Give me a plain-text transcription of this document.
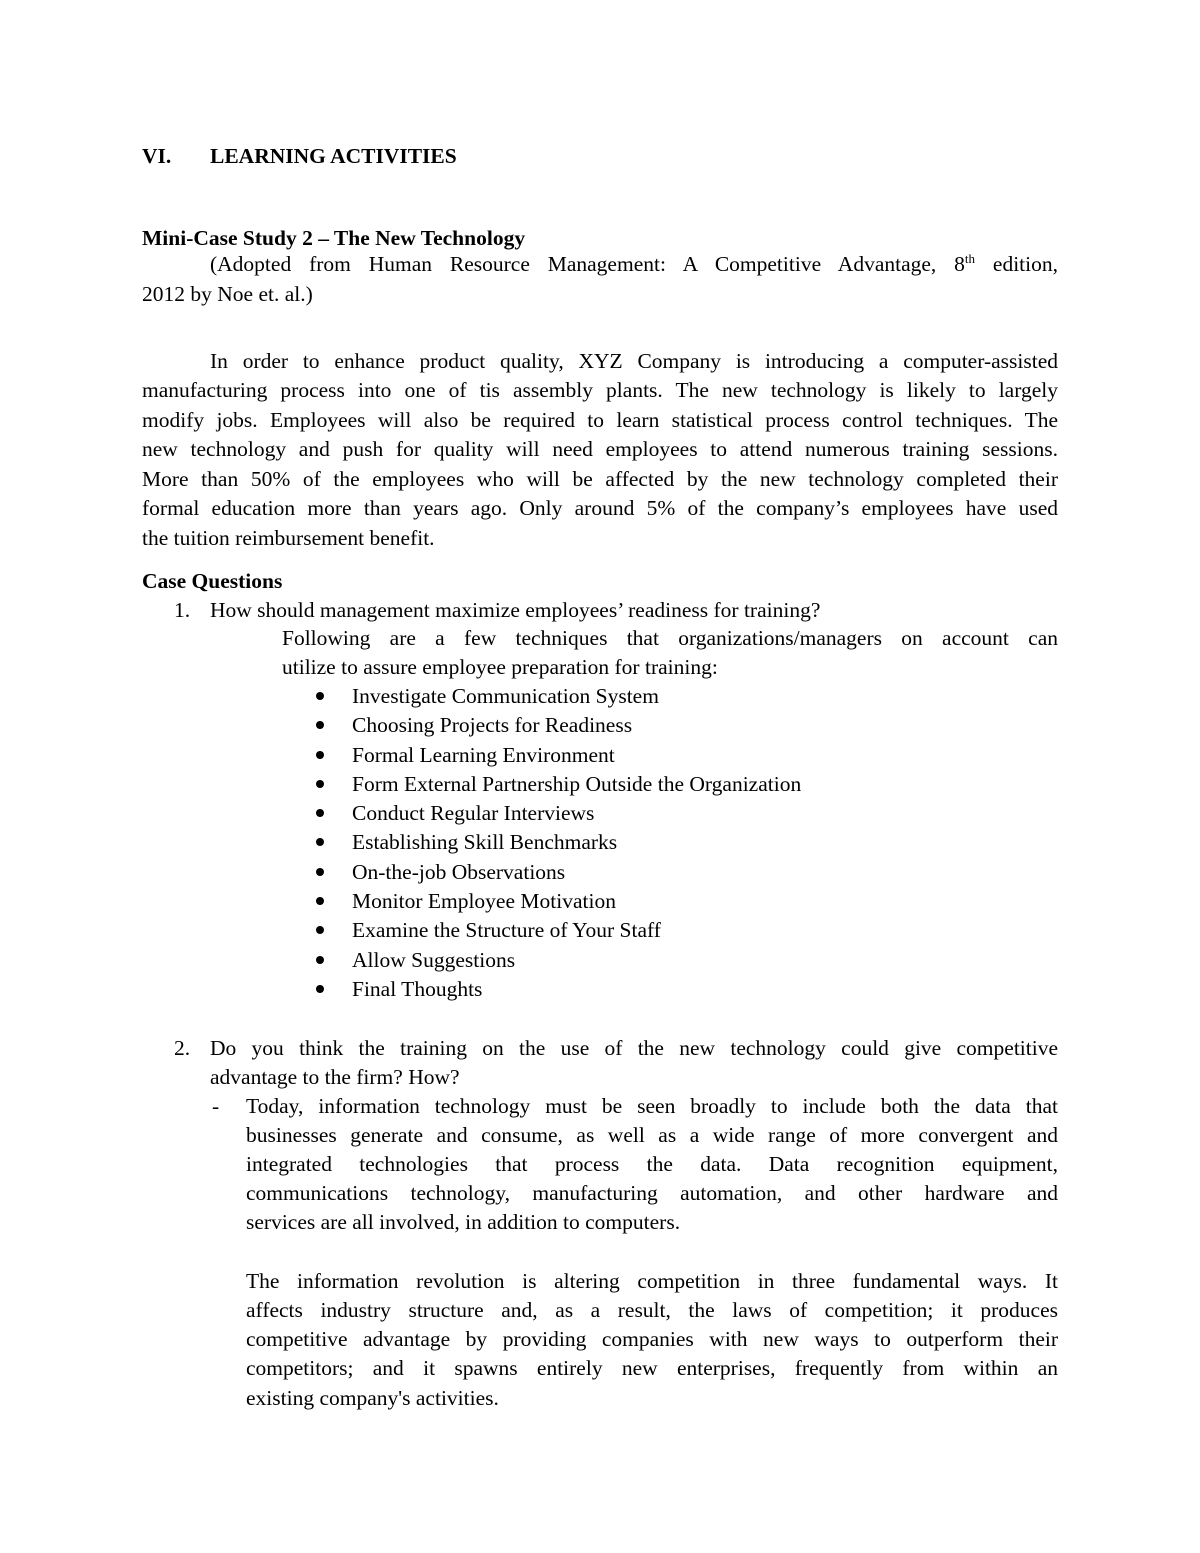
VI. LEARNING ACTIVITIES
Mini-Case Study 2 – The New Technology
(Adopted from Human Resource Management: A Competitive Advantage, 8th edition,
2012 by Noe et. al.)
In order to enhance product quality, XYZ Company is introducing a computer-assisted
manufacturing process into one of tis assembly plants. The new technology is likely to largely
modify jobs. Employees will also be required to learn statistical process control techniques. The
new technology and push for quality will need employees to attend numerous training sessions.
More than 50% of the employees who will be affected by the new technology completed their
formal education more than years ago. Only around 5% of the company’s employees have used
the tuition reimbursement benefit.
Case Questions
1. How should management maximize employees’ readiness for training?
Following are a few techniques that organizations/managers on account can
utilize to assure employee preparation for training:
Investigate Communication System
Choosing Projects for Readiness
Formal Learning Environment
Form External Partnership Outside the Organization
Conduct Regular Interviews
Establishing Skill Benchmarks
On-the-job Observations
Monitor Employee Motivation
Examine the Structure of Your Staff
Allow Suggestions
Final Thoughts
2. Do you think the training on the use of the new technology could give competitive
advantage to the firm? How?
- Today, information technology must be seen broadly to include both the data that
businesses generate and consume, as well as a wide range of more convergent and
integrated technologies that process the data. Data recognition equipment,
communications technology, manufacturing automation, and other hardware and
services are all involved, in addition to computers.
The information revolution is altering competition in three fundamental ways. It
affects industry structure and, as a result, the laws of competition; it produces
competitive advantage by providing companies with new ways to outperform their
competitors; and it spawns entirely new enterprises, frequently from within an
existing company's activities.
